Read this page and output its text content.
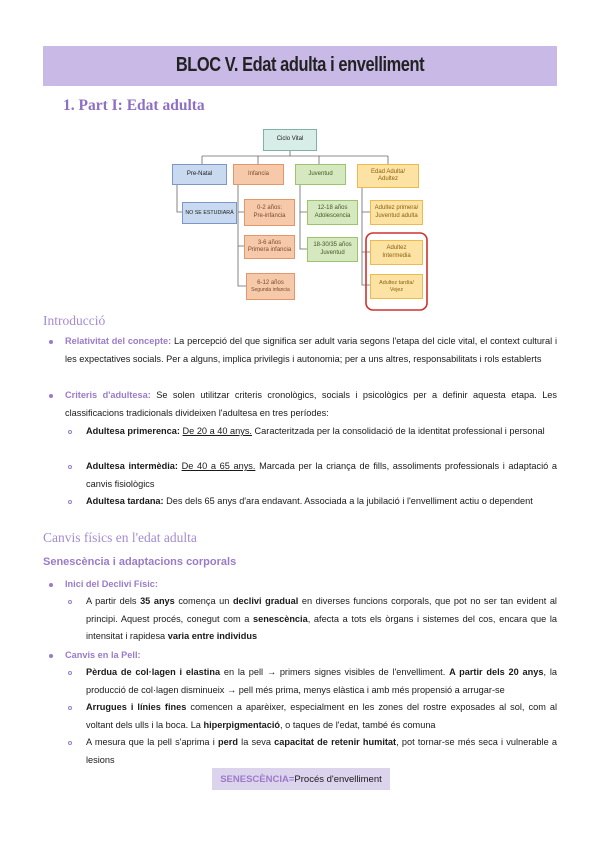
BLOC V. Edat adulta i envelliment
1. Part I: Edat adulta
Ciclo Vital
Pre-Natal
NO SE ESTUDIARÁ
Infancia
0-2 años:
Pre-infancia
3-6 años
Primera infancia
6-12 años
Segunda infancia
Juventud
12-18 años
Adolescencia
18-30/35 años
Juventud
Edad Adulta/
Adultez
Adultez primera/
Juventud adulta
Adultez
Intermedia
Adultez tardía/
Vejez
Introducció
Relativitat del concepte: La percepció del que significa ser adult varia segons l'etapa del cicle vital, el context cultural i les expectatives socials. Per a alguns, implica privilegis i autonomia; per a uns altres, responsabilitats i rols establerts
Criteris d'adultesa: Se solen utilitzar criteris cronològics, socials i psicològics per a definir aquesta etapa. Les classificacions tradicionals divideixen l'adultesa en tres períodes:
Adultesa primerenca: De 20 a 40 anys. Caracteritzada per la consolidació de la identitat professional i personal
Adultesa intermèdia: De 40 a 65 anys. Marcada per la criança de fills, assoliments professionals i adaptació a canvis fisiològics
Adultesa tardana: Des dels 65 anys d'ara endavant. Associada a la jubilació i l'envelliment actiu o dependent
Canvis físics en l'edat adulta
Senescència i adaptacions corporals
Inici del Declivi Físic:
A partir dels 35 anys comença un declivi gradual en diverses funcions corporals, que pot no ser tan evident al principi. Aquest procés, conegut com a senescència, afecta a tots els òrgans i sistemes del cos, encara que la intensitat i rapidesa varia entre individus
Canvis en la Pell:
Pèrdua de col·lagen i elastina en la pell → primers signes visibles de l'envelliment. A partir dels 20 anys, la producció de col·lagen disminueix → pell més prima, menys elàstica i amb més propensió a arrugar-se
Arrugues i línies fines comencen a aparèixer, especialment en les zones del rostre exposades al sol, com al voltant dels ulls i la boca. La hiperpigmentació, o taques de l'edat, també és comuna
A mesura que la pell s'aprima i perd la seva capacitat de retenir humitat, pot tornar-se més seca i vulnerable a lesions
SENESCÈNCIA = Procés d'envelliment
